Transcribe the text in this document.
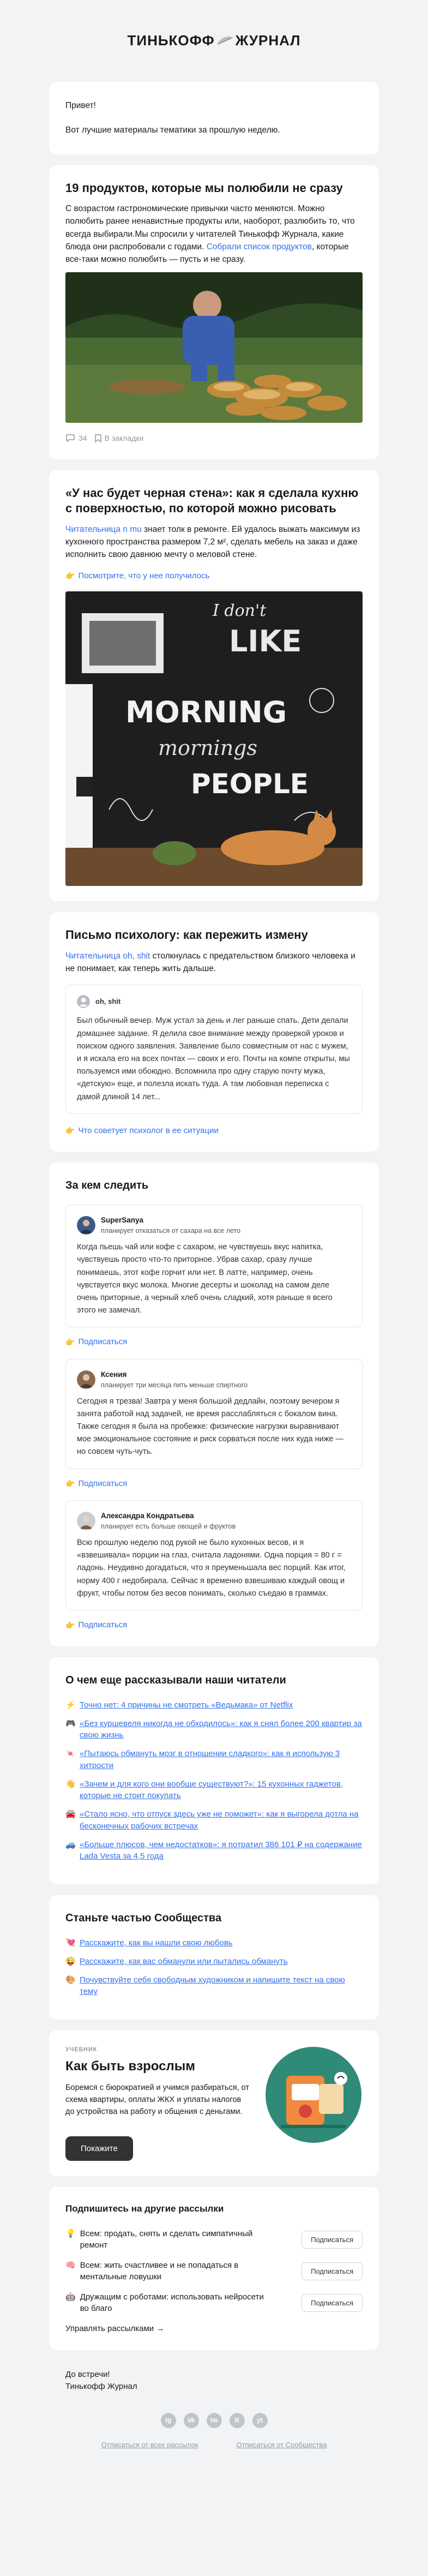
ТИНЬКОФФ ЖУРНАЛ

Привет!

Вот лучшие материалы тематики за прошлую неделю.

19 продуктов, которые мы полюбили не сразу

С возрастом гастрономические привычки часто меняются. Можно полюбить ранее ненавистные продукты или, наоборот, разлюбить то, что всегда выбирали.Мы спросили у читателей Тинькофф Журнала, какие блюда они распробовали с годами. Собрали список продуктов, которые все-таки можно полюбить — пусть и не сразу.

34 В закладки
«У нас будет черная стена»: как я сделала кухню с поверхностью, по которой можно рисовать

Читательница п mu знает толк в ремонте. Ей удалось выжать максимум из кухонного пространства размером 7,2 м², сделать мебель на заказ и даже исполнить свою давнюю мечту о меловой стене.

👉 Посмотрите, что у нее получилось
I don't
LIKE
MORNING
mornings
PEOPLE
Письмо психологу: как пережить измену

Читательница oh, shit столкнулась с предательством близкого человека и не понимает, как теперь жить дальше.

oh, shit
Был обычный вечер. Муж устал за день и лег раньше спать. Дети делали домашнее задание. Я делила свое внимание между проверкой уроков и поиском одного заявления. Заявление было совместным от нас с мужем, и я искала его на всех почтах — своих и его. Почты на компе открыты, мы пользуемся ими обоюдно. Вспомнила про одну старую почту мужа, «детскую» еще, и полезла искать туда. А там любовная переписка с дамой длиной 14 лет...
👉 Что советует психолог в ее ситуации
За кем следить
SuperSanya
планирует отказаться от сахара на все лето

Когда пьешь чай или кофе с сахаром, не чувствуешь вкус напитка, чувствуешь просто что-то приторное. Убрав сахар, сразу лучше понимаешь, этот кофе горчит или нет. В латте, например, очень чувствуется вкус молока. Многие десерты и шоколад на самом деле очень приторные, а черный хлеб очень сладкий, хотя раньше я всего этого не замечал.

👉 Подписаться
Ксения
планирует три месяца пить меньше спиртного

Сегодня я трезва! Завтра у меня большой дедлайн, поэтому вечером я занята работой над задачей, не время расслабляться с бокалом вина. Также сегодня я была на пробежке: физические нагрузки выравнивают мое эмоциональное состояние и риск сорваться после них куда ниже — но совсем чуть-чуть.

👉 Подписаться
Александра Кондратьева
планирует есть больше овощей и фруктов

Всю прошлую неделю под рукой не было кухонных весов, и я «взвешивала» порции на глаз, считала ладонями. Одна порция = 80 г = ладонь. Неудивно догадаться, что я преуменьшала вес порций. Как итог, норму 400 г недобирала. Сейчас я временно взвешиваю каждый овощ и фрукт, чтобы потом без весов понимать, сколько съедаю в граммах.

👉 Подписаться
О чем еще рассказывали наши читатели
⚡ Точно нет: 4 причины не смотреть «Ведьмака» от Netflix
🎮 «Без куршевеля никогда не обходилось»: как я снял более 200 квартир за свою жизнь
🍬 «Пытаюсь обмануть мозг в отношении сладкого»: как я использую 3 хитрости
👋 «Зачем и для кого они вообще существуют?»: 15 кухонных гаджетов, которые не стоит покупать
🚘 «Стало ясно, что отпуск здесь уже не поможет»: как я выгорела дотла на бесконечных рабочих встречах
🚙 «Больше плюсов, чем недостатков»: я потратил 386 101 ₽ на содержание Lada Vesta за 4,5 года
Станьте частью Сообщества
💘 Расскажите, как вы нашли свою любовь
😜 Расскажите, как вас обманули или пытались обмануть
🎨 Почувствуйте себя свободным художником и напишите текст на свою тему
УЧЕБНИК
Как быть взрослым

Боремся с бюрократией и учимся разбираться, от схема квартиры, оплаты ЖКХ и уплаты налогов до устройства на работу и общения с деньгами.

Покажите
Подпишитесь на другие рассылки
💡 Всем: продать, снять и сделать симпатичный ремонт
Подписаться
🧠 Всем: жить счастливее и не попадаться в ментальные ловушки
Подписаться
🤖 Дружащим с роботами: использовать нейросети во благо
Подписаться
Управлять рассылками →
До встречи!
Тинькофф Журнал
tg	vk	tw	tt	yt
Отписаться от всех рассылок	Отписаться от Сообщества
